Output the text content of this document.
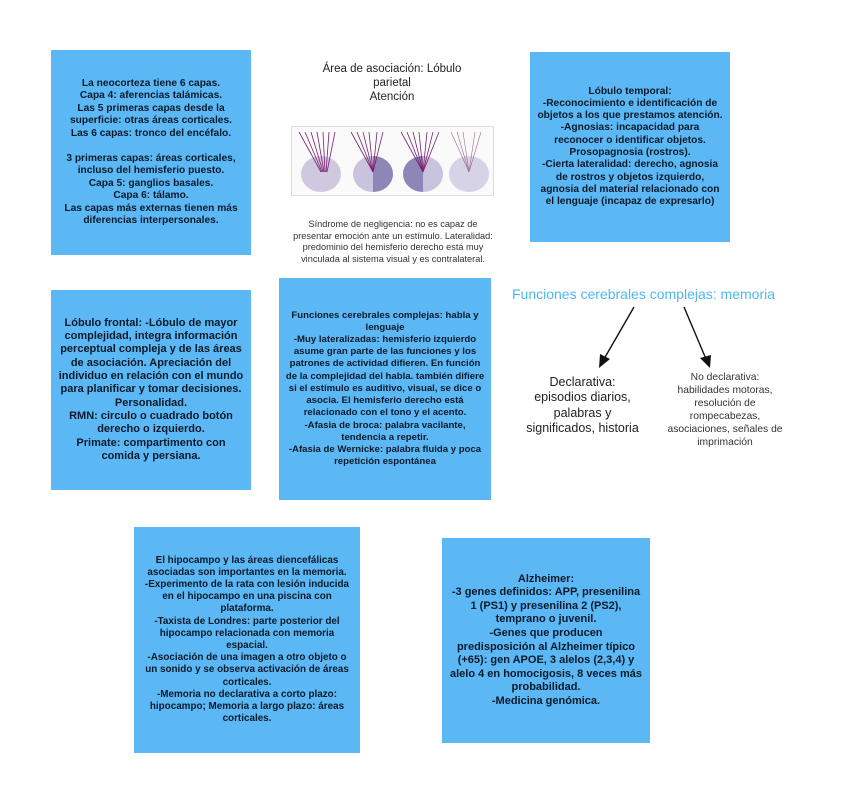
La neocorteza tiene 6 capas.
Capa 4: aferencias talámicas.
Las 5 primeras capas desde la superficie: otras áreas corticales.
Las 6 capas: tronco del encéfalo.

3 primeras capas: áreas corticales, incluso del hemisferio puesto.
Capa 5: ganglios basales.
Capa 6: tálamo.
Las capas más externas tienen más diferencias interpersonales.
Área de asociación: Lóbulo parietal
Atención
Síndrome de negligencia: no es capaz de presentar emoción ante un estímulo. Lateralidad: predominio del hemisferio derecho está muy vinculada al sistema visual y es contralateral.
Lóbulo temporal:
-Reconocimiento e identificación de objetos a los que prestamos atención.
-Agnosias: incapacidad para reconocer o identificar objetos. Prosopagnosia (rostros).
-Cierta lateralidad: derecho, agnosia de rostros y objetos izquierdo, agnosia del material relacionado con el lenguaje (incapaz de expresarlo)
Lóbulo frontal: -Lóbulo de mayor complejidad, integra información perceptual compleja y de las áreas de asociación. Apreciación del individuo en relación con el mundo para planificar y tomar decisiones. Personalidad.
RMN: circulo o cuadrado botón derecho o izquierdo.
Primate: compartimento con comida y persiana.
Funciones cerebrales complejas: habla y lenguaje
-Muy lateralizadas: hemisferio izquierdo asume gran parte de las funciones y los patrones de actividad difieren. En función de la complejidad del habla. también difiere si el estímulo es auditivo, visual, se dice o asocia. El hemisferio derecho está relacionado con el tono y el acento.
-Afasia de broca: palabra vacilante, tendencia a repetir.
-Afasia de Wernicke: palabra fluida y poca repetición espontánea
Funciones cerebrales complejas: memoria
Declarativa:
episodios diarios, palabras y significados, historia
No declarativa:
habilidades motoras, resolución de rompecabezas, asociaciones, señales de imprimación
El hipocampo y las áreas diencefálicas asociadas son importantes en la memoria.
-Experimento de la rata con lesión inducida en el hipocampo en una piscina con plataforma.
-Taxista de Londres: parte posterior del hipocampo relacionada con memoria espacial.
-Asociación de una imagen a otro objeto o un sonido y se observa activación de áreas corticales.
-Memoria no declarativa a corto plazo: hipocampo; Memoria a largo plazo: áreas corticales.
Alzheimer:
-3 genes definidos: APP, presenilina 1 (PS1) y presenilina 2 (PS2), temprano o juvenil.
-Genes que producen predisposición al Alzheimer típico (+65): gen APOE, 3 alelos (2,3,4) y alelo 4 en homocigosis, 8 veces más probabilidad.
-Medicina genómica.
